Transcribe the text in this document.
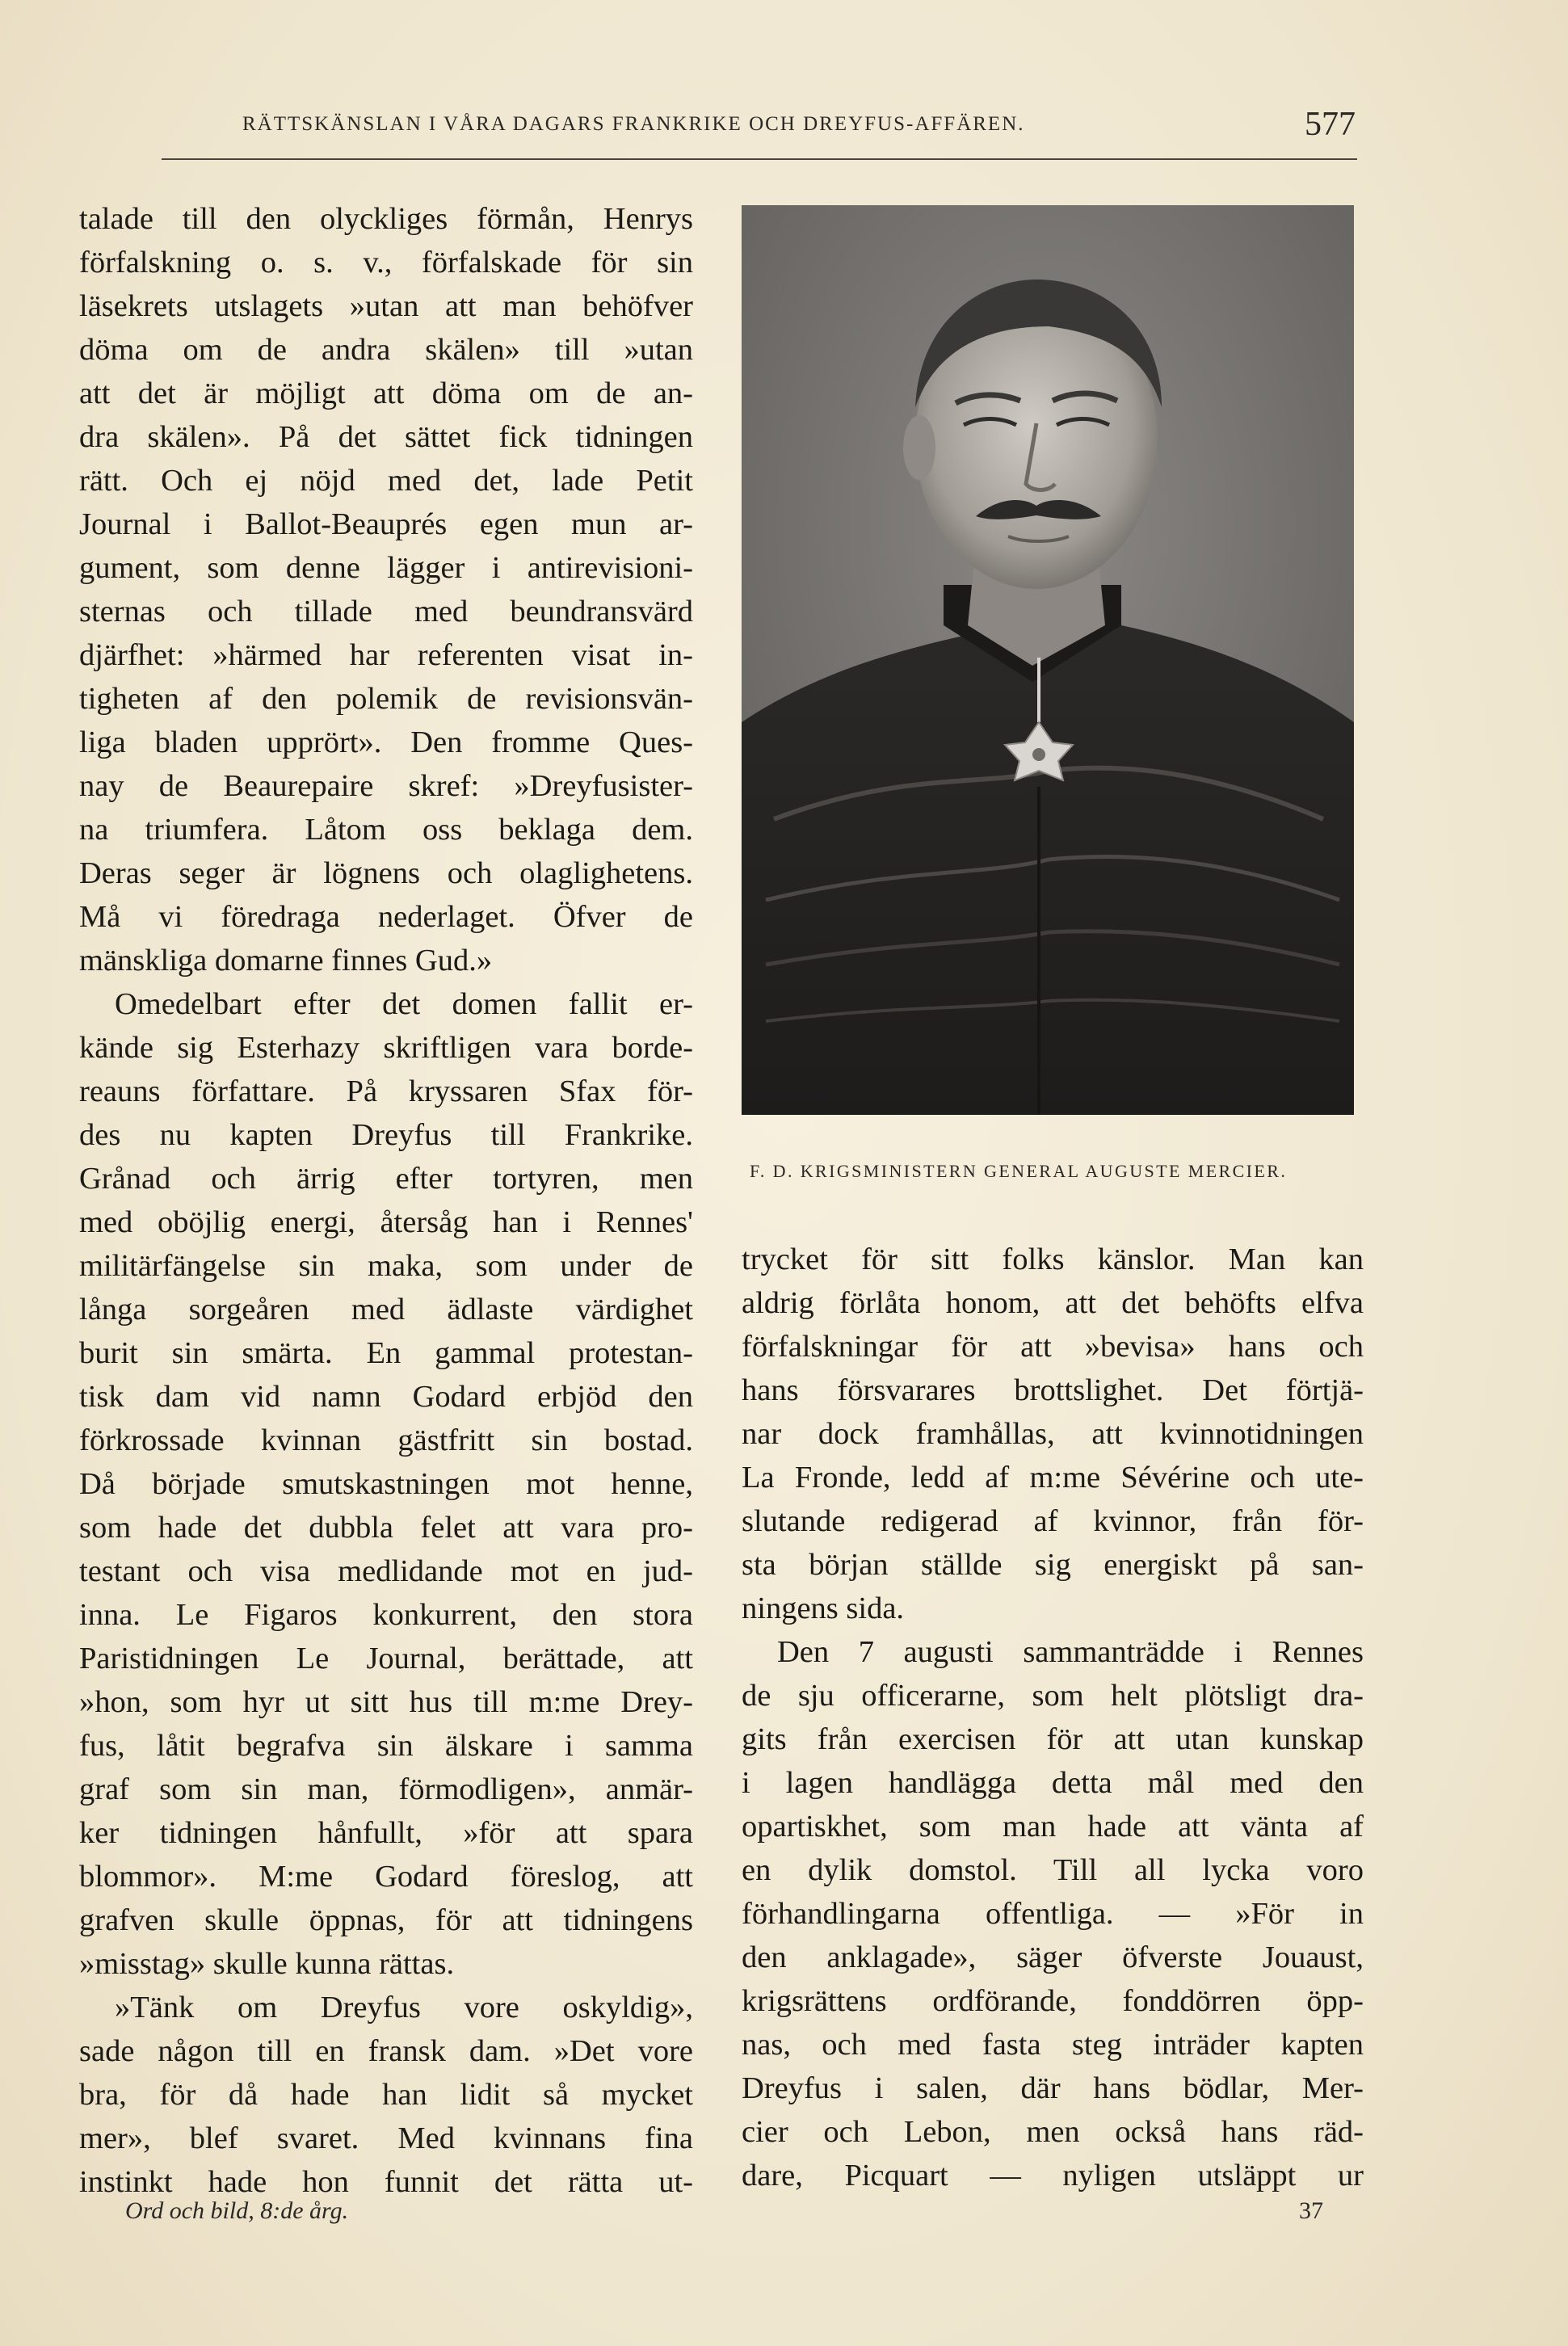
RÄTTSKÄNSLAN I VÅRA DAGARS FRANKRIKE OCH DREYFUS-AFFÄREN.	577
talade till den olyckliges förmån, Henrys
förfalskning o. s. v., förfalskade för sin
läsekrets utslagets »utan att man behöfver
döma om de andra skälen» till »utan
att det är möjligt att döma om de an-
dra skälen». På det sättet fick tidningen
rätt. Och ej nöjd med det, lade Petit
Journal i Ballot-Beauprés egen mun ar-
gument, som denne lägger i antirevisioni-
sternas och tillade med beundransvärd
djärfhet: »härmed har referenten visat in-
tigheten af den polemik de revisionsvän-
liga bladen upprört». Den fromme Ques-
nay de Beaurepaire skref: »Dreyfusister-
na triumfera. Låtom oss beklaga dem.
Deras seger är lögnens och olaglighetens.
Må vi föredraga nederlaget. Öfver de
mänskliga domarne finnes Gud.»
Omedelbart efter det domen fallit er-
kände sig Esterhazy skriftligen vara borde-
reauns författare. På kryssaren Sfax för-
des nu kapten Dreyfus till Frankrike.
Grånad och ärrig efter tortyren, men
med oböjlig energi, återsåg han i Rennes'
militärfängelse sin maka, som under de
långa sorgeåren med ädlaste värdighet
burit sin smärta. En gammal protestan-
tisk dam vid namn Godard erbjöd den
förkrossade kvinnan gästfritt sin bostad.
Då började smutskastningen mot henne,
som hade det dubbla felet att vara pro-
testant och visa medlidande mot en jud-
inna. Le Figaros konkurrent, den stora
Paristidningen Le Journal, berättade, att
»hon, som hyr ut sitt hus till m:me Drey-
fus, låtit begrafva sin älskare i samma
graf som sin man, förmodligen», anmär-
ker tidningen hånfullt, »för att spara
blommor». M:me Godard föreslog, att
grafven skulle öppnas, för att tidningens
»misstag» skulle kunna rättas.
»Tänk om Dreyfus vore oskyldig»,
sade någon till en fransk dam. »Det vore
bra, för då hade han lidit så mycket
mer», blef svaret. Med kvinnans fina
instinkt hade hon funnit det rätta ut-
F. D. KRIGSMINISTERN GENERAL AUGUSTE MERCIER.
trycket för sitt folks känslor. Man kan
aldrig förlåta honom, att det behöfts elfva
förfalskningar för att »bevisa» hans och
hans försvarares brottslighet. Det förtjä-
nar dock framhållas, att kvinnotidningen
La Fronde, ledd af m:me Sévérine och ute-
slutande redigerad af kvinnor, från för-
sta början ställde sig energiskt på san-
ningens sida.
Den 7 augusti sammanträdde i Rennes
de sju officerarne, som helt plötsligt dra-
gits från exercisen för att utan kunskap
i lagen handlägga detta mål med den
opartiskhet, som man hade att vänta af
en dylik domstol. Till all lycka voro
förhandlingarna offentliga. — »För in
den anklagade», säger öfverste Jouaust,
krigsrättens ordförande, fonddörren öpp-
nas, och med fasta steg inträder kapten
Dreyfus i salen, där hans bödlar, Mer-
cier och Lebon, men också hans räd-
dare, Picquart — nyligen utsläppt ur
Ord och bild, 8:de årg.	37
